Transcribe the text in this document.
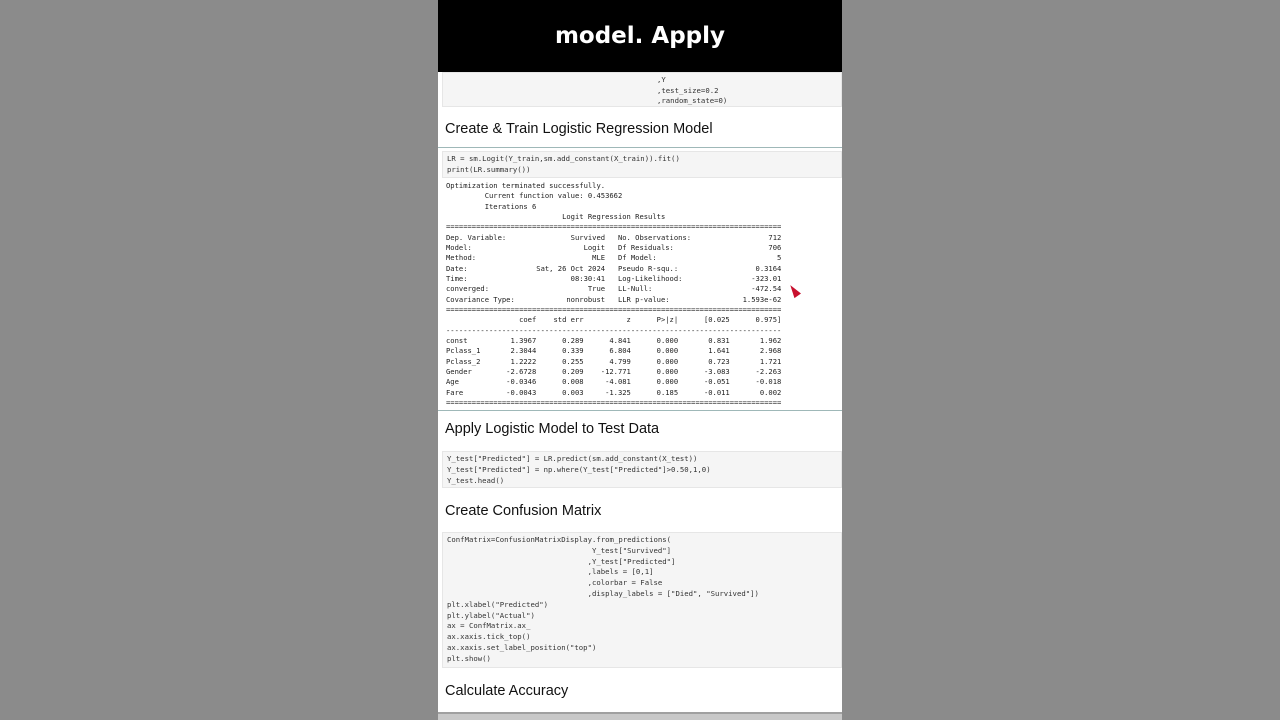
model. Apply
,Y
,test_size=0.2
,random_state=0)
Create & Train Logistic Regression Model
LR = sm.Logit(Y_train,sm.add_constant(X_train)).fit()
print(LR.summary())
Optimization terminated successfully.
Current function value: 0.453662
Iterations 6
Logit Regression Results
==============================================================================
Dep. Variable:               Survived   No. Observations:                  712
Model:                          Logit   Df Residuals:                      706
Method:                           MLE   Df Model:                            5
Date:                Sat, 26 Oct 2024   Pseudo R-squ.:                  0.3164
Time:                        08:30:41   Log-Likelihood:                -323.01
converged:                       True   LL-Null:                       -472.54
Covariance Type:            nonrobust   LLR p-value:                 1.593e-62
==============================================================================
coef    std err          z      P>|z|      [0.025      0.975]
------------------------------------------------------------------------------
const          1.3967      0.289      4.841      0.000       0.831       1.962
Pclass_1       2.3044      0.339      6.804      0.000       1.641       2.968
Pclass_2       1.2222      0.255      4.799      0.000       0.723       1.721
Gender        -2.6728      0.209    -12.771      0.000      -3.083      -2.263
Age           -0.0346      0.008     -4.081      0.000      -0.051      -0.018
Fare          -0.0043      0.003     -1.325      0.185      -0.011       0.002
==============================================================================
Apply Logistic Model to Test Data
Y_test["Predicted"] = LR.predict(sm.add_constant(X_test))
Y_test["Predicted"] = np.where(Y_test["Predicted"]>0.50,1,0)
Y_test.head()
Create Confusion Matrix
ConfMatrix=ConfusionMatrixDisplay.from_predictions(
Y_test["Survived"]
,Y_test["Predicted"]
,labels = [0,1]
,colorbar = False
,display_labels = ["Died", "Survived"])
plt.xlabel("Predicted")
plt.ylabel("Actual")
ax = ConfMatrix.ax_
ax.xaxis.tick_top()
ax.xaxis.set_label_position("top")
plt.show()
Calculate Accuracy
